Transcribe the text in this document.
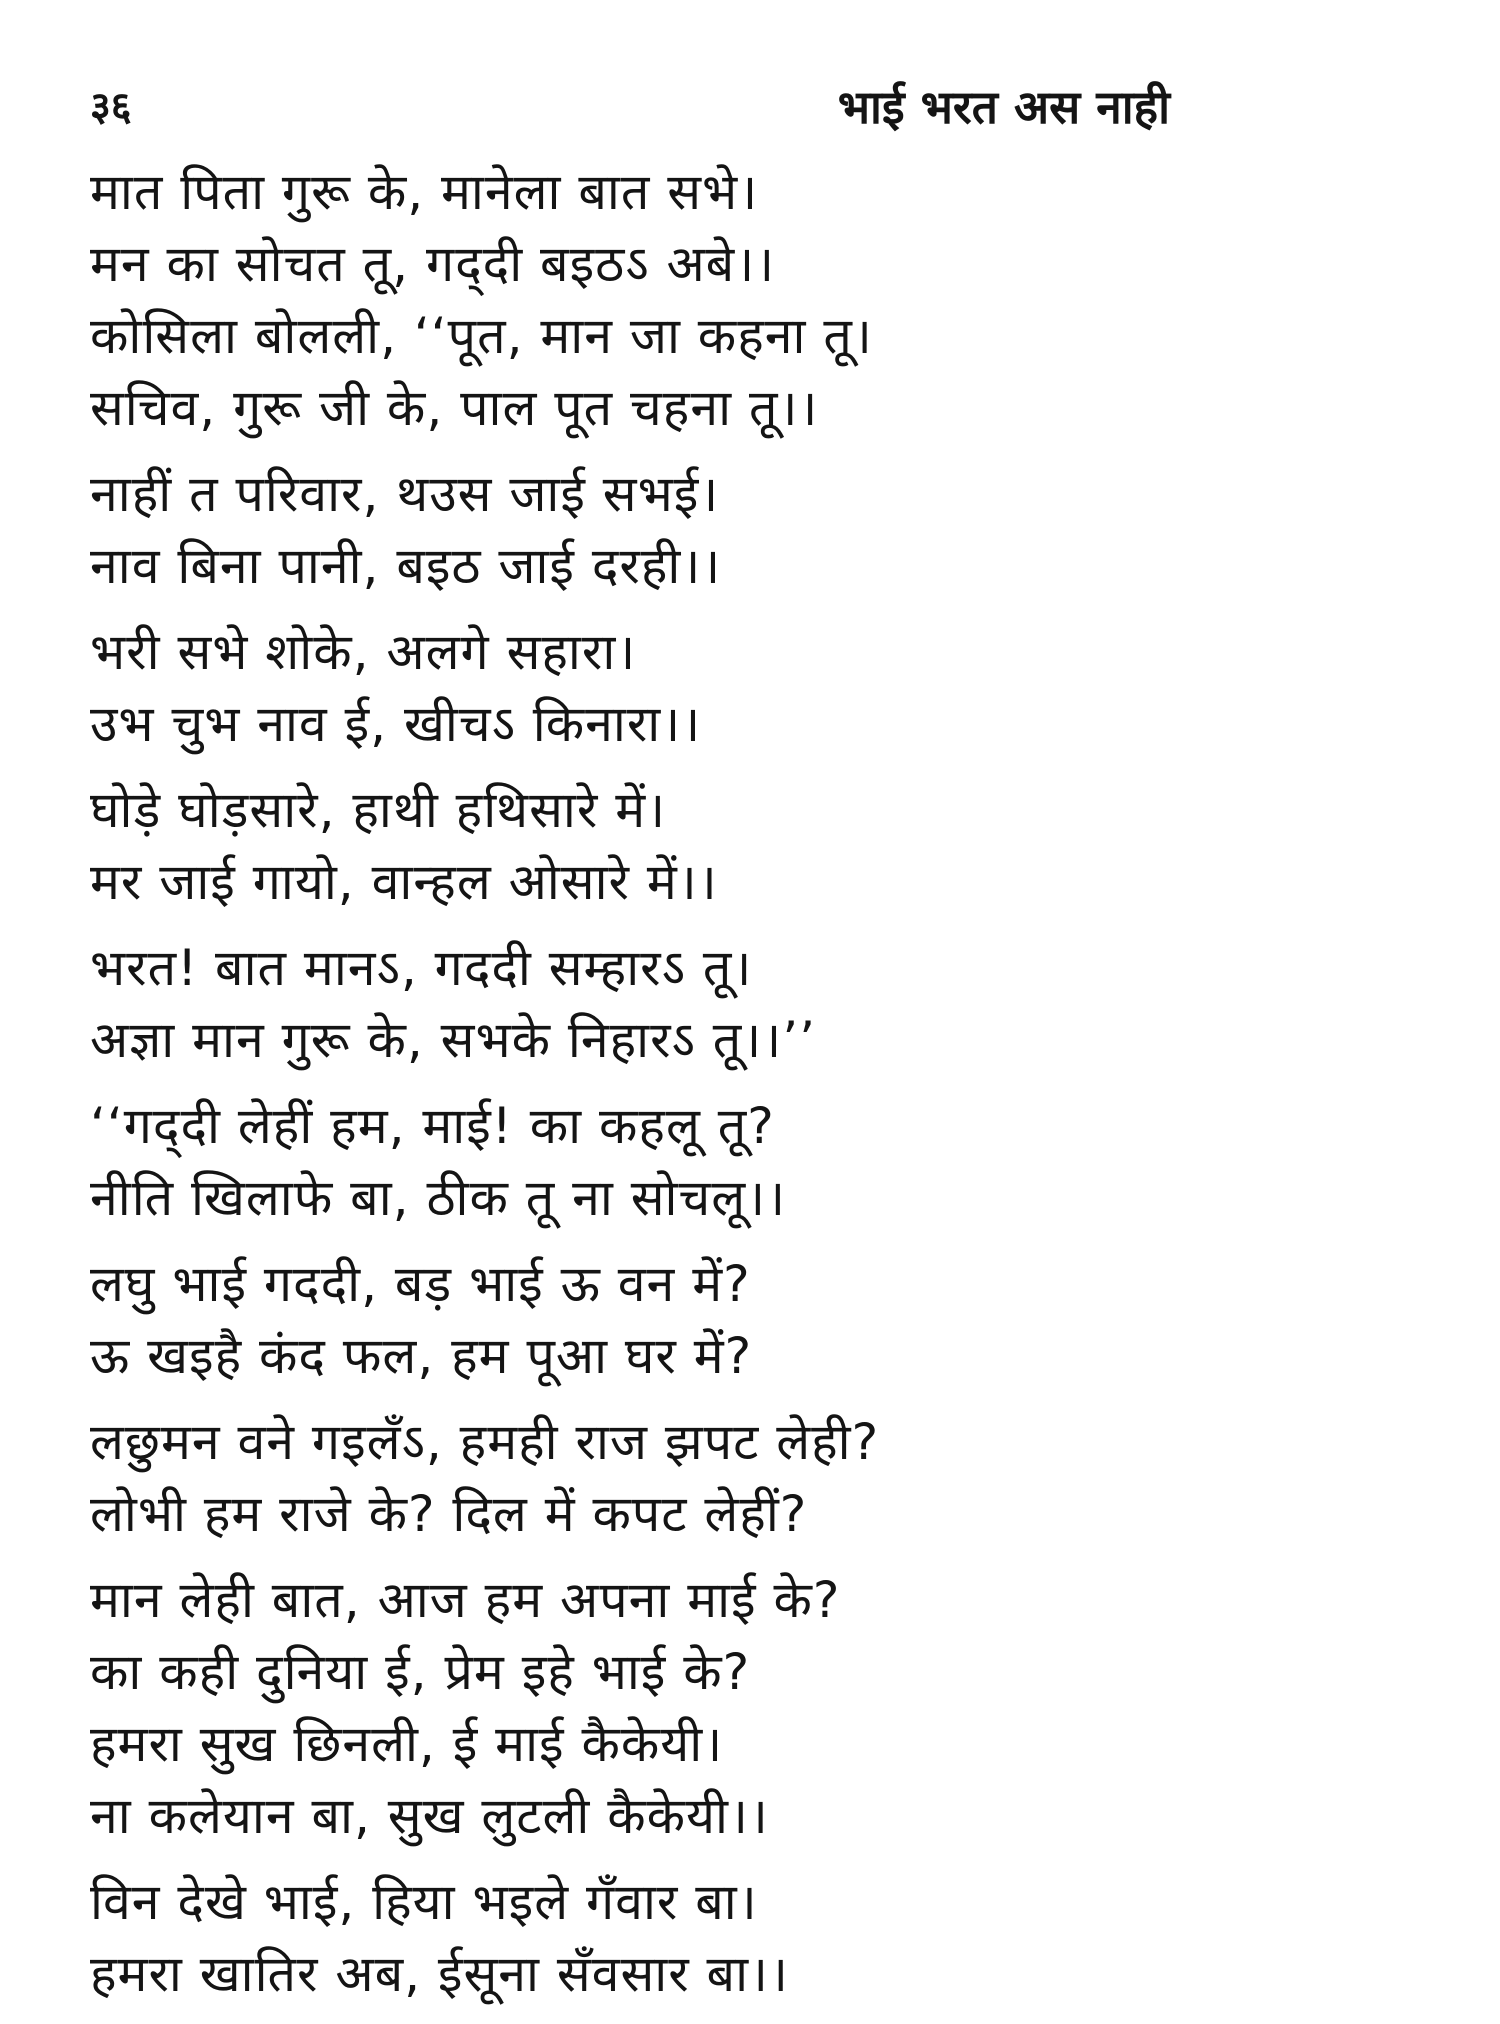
३६	भाई भरत अस नाही
मात पिता गुरू के, मानेला बात सभे।
मन का सोचत तू, गद्‌दी बइठऽ अबे।।
कोसिला बोलली, ‘‘पूत, मान जा कहना तू।
सचिव, गुरू जी के, पाल पूत चहना तू।।
नाहीं त परिवार, थउस जाई सभई।
नाव बिना पानी, बइठ जाई दरही।।
भरी सभे शोके, अलगे सहारा।
उभ चुभ नाव ई, खीचऽ किनारा।।
घोड़े घोड़सारे, हाथी हथिसारे में।
मर जाई गायो, वान्हल ओसारे में।।
भरत! बात मानऽ, गददी सम्हारऽ तू।
अज्ञा मान गुरू के, सभके निहारऽ तू।।’’
‘‘गद्‌दी लेहीं हम, माई! का कहलू तू?
नीति खिलाफे बा, ठीक तू ना सोचलू।।
लघु भाई गददी, बड़ भाई ऊ वन में?
ऊ खइहै कंद फल, हम पूआ घर में?
लछुमन वने गइलँऽ, हमही राज झपट लेही?
लोभी हम राजे के? दिल में कपट लेहीं?
मान लेही बात, आज हम अपना माई के?
का कही दुनिया ई, प्रेम इहे भाई के?
हमरा सुख छिनली, ई माई कैकेयी।
ना कलेयान बा, सुख लुटली कैकेयी।।
विन देखे भाई, हिया भइले गँवार बा।
हमरा खातिर अब, ईसूना सँवसार बा।।
